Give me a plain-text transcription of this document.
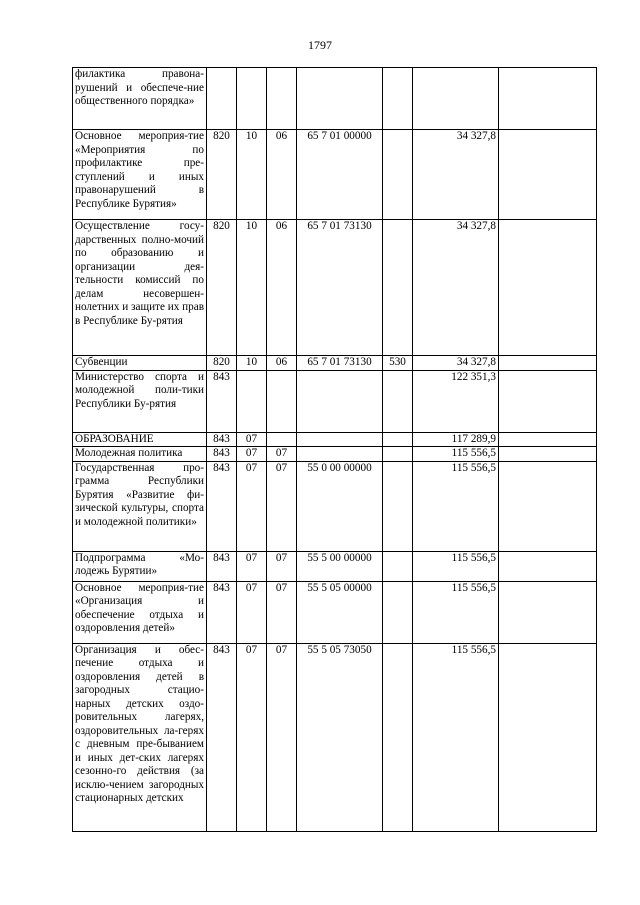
1797
филактика правона-рушений и обеспече-ние общественного порядка»							
Основное мероприя-тие «Мероприятия по профилактике пре-ступлений и иных правонарушений в Республике Бурятия»	820	10	06	65 7 01 00000		34 327,8	
Осуществление госу-дарственных полно-мочий по образованию и организации дея-тельности комиссий по делам несовершен-нолетних и защите их прав в Республике Бу-рятия	820	10	06	65 7 01 73130		34 327,8	
Субвенции	820	10	06	65 7 01 73130	530	34 327,8	
Министерство спорта и молодежной поли-тики Республики Бу-рятия	843					122 351,3	
ОБРАЗОВАНИЕ	843	07				117 289,9	
Молодежная политика	843	07	07			115 556,5	
Государственная про-грамма Республики Бурятия «Развитие фи-зической культуры, спорта и молодежной политики»	843	07	07	55 0 00 00000		115 556,5	
Подпрограмма «Мо-лодежь Бурятии»	843	07	07	55 5 00 00000		115 556,5	
Основное мероприя-тие «Организация и обеспечение отдыха и оздоровления детей»	843	07	07	55 5 05 00000		115 556,5	
Организация и обес-печение отдыха и оздоровления детей в загородных стацио-нарных детских оздо-ровительных лагерях, оздоровительных ла-герях с дневным пре-быванием и иных дет-ских лагерях сезонно-го действия (за исклю-чением загородных стационарных детских	843	07	07	55 5 05 73050		115 556,5	
